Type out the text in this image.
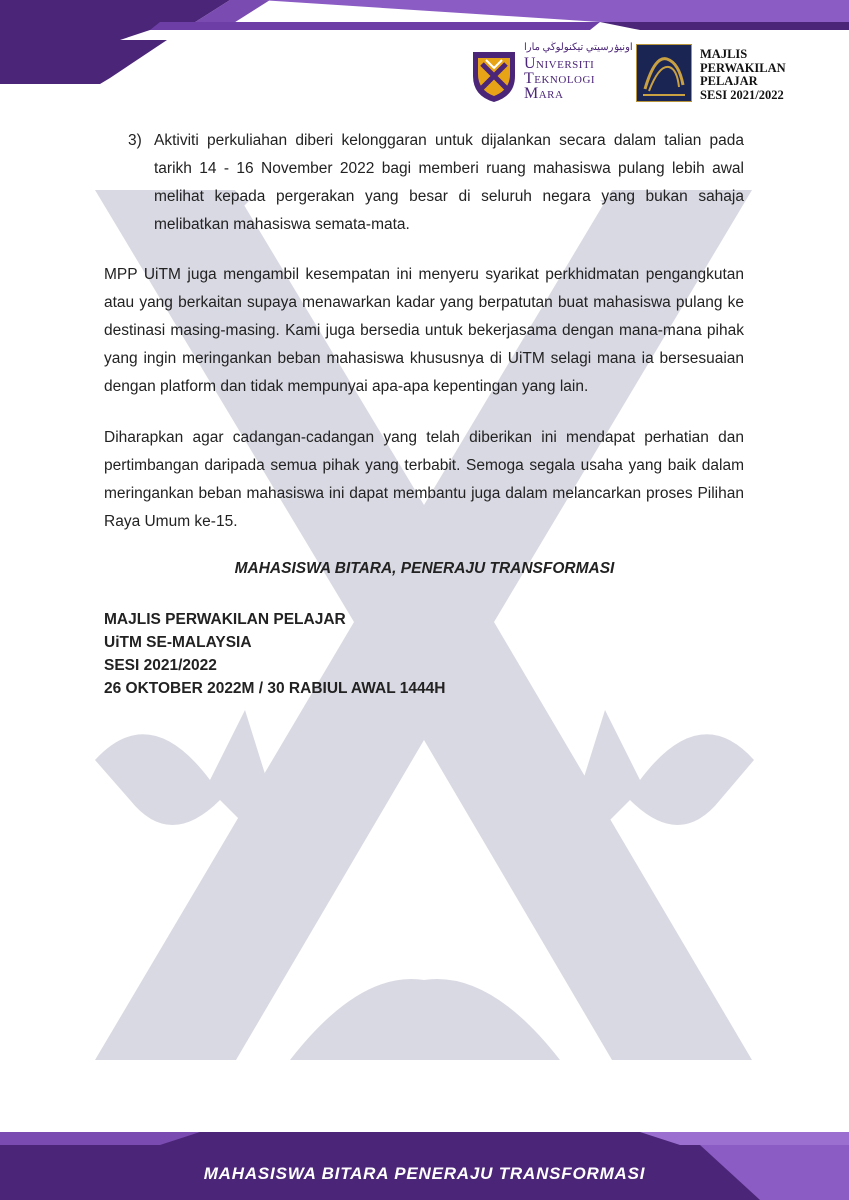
Universiti
Teknologi
Mara
اونيۏرسيتي تيكنولوڬي مارا	MAJLIS
PERWAKILAN
PELAJAR
SESI 2021/2022
3) Aktiviti perkuliahan diberi kelonggaran untuk dijalankan secara dalam talian pada tarikh 14 - 16 November 2022 bagi memberi ruang mahasiswa pulang lebih awal melihat kepada pergerakan yang besar di seluruh negara yang bukan sahaja melibatkan mahasiswa semata-mata.
MPP UiTM juga mengambil kesempatan ini menyeru syarikat perkhidmatan pengangkutan atau yang berkaitan supaya menawarkan kadar yang berpatutan buat mahasiswa pulang ke destinasi masing-masing. Kami juga bersedia untuk bekerjasama dengan mana-mana pihak yang ingin meringankan beban mahasiswa khususnya di UiTM selagi mana ia bersesuaian dengan platform dan tidak mempunyai apa-apa kepentingan yang lain.
Diharapkan agar cadangan-cadangan yang telah diberikan ini mendapat perhatian dan pertimbangan daripada semua pihak yang terbabit. Semoga segala usaha yang baik dalam meringankan beban mahasiswa ini dapat membantu juga dalam melancarkan proses Pilihan Raya Umum ke-15.
MAHASISWA BITARA, PENERAJU TRANSFORMASI
MAJLIS PERWAKILAN PELAJAR
UiTM SE-MALAYSIA
SESI 2021/2022
26 OKTOBER 2022M / 30 RABIUL AWAL 1444H
MAHASISWA BITARA PENERAJU TRANSFORMASI
